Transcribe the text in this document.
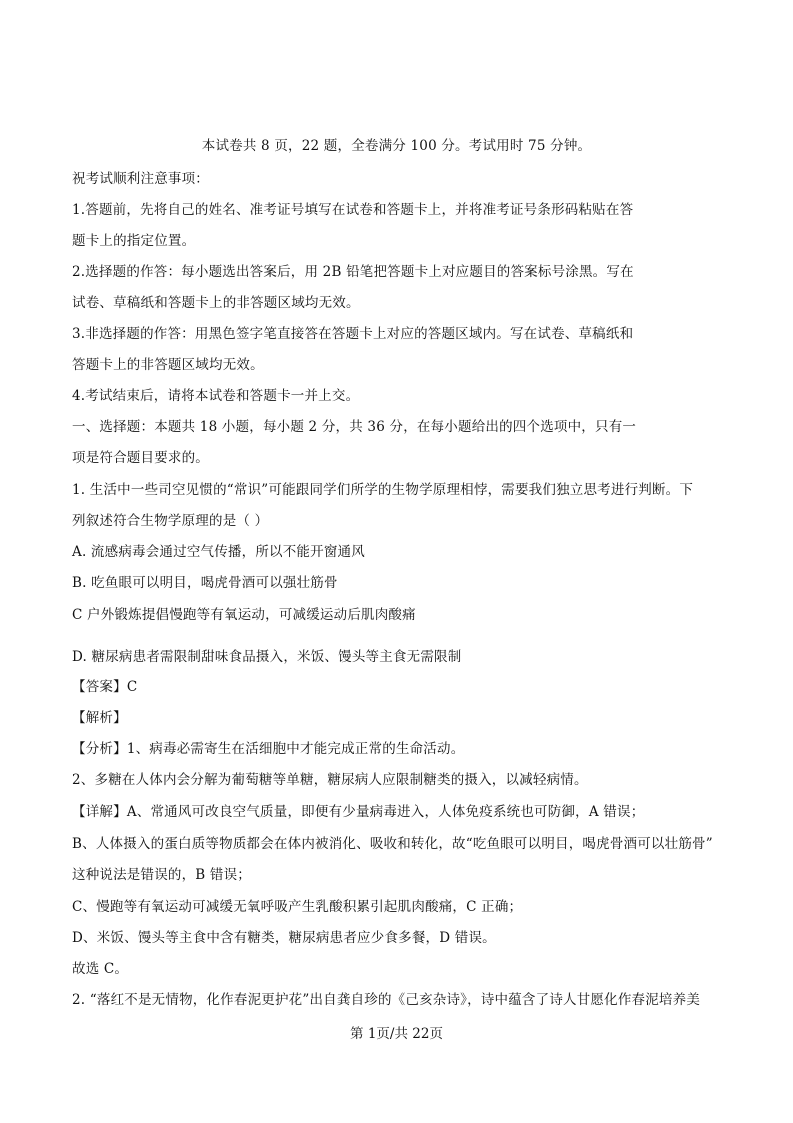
本试卷共 8 页，22 题，全卷满分 100 分。考试用时 75 分钟。
祝考试顺利注意事项：
1.答题前，先将自己的姓名、准考证号填写在试卷和答题卡上，并将准考证号条形码粘贴在答
题卡上的指定位置。
2.选择题的作答：每小题选出答案后，用 2B 铅笔把答题卡上对应题目的答案标号涂黑。写在
试卷、草稿纸和答题卡上的非答题区域均无效。
3.非选择题的作答：用黑色签字笔直接答在答题卡上对应的答题区域内。写在试卷、草稿纸和
答题卡上的非答题区域均无效。
4.考试结束后，请将本试卷和答题卡一并上交。
一、选择题：本题共 18 小题，每小题 2 分，共 36 分，在每小题给出的四个选项中，只有一
项是符合题目要求的。
1. 生活中一些司空见惯的“常识”可能跟同学们所学的生物学原理相悖，需要我们独立思考进行判断。下
列叙述符合生物学原理的是（ ）
A. 流感病毒会通过空气传播，所以不能开窗通风
B. 吃鱼眼可以明目，喝虎骨酒可以强壮筋骨
C 户外锻炼提倡慢跑等有氧运动，可减缓运动后肌肉酸痛
D. 糖尿病患者需限制甜味食品摄入，米饭、馒头等主食无需限制
【答案】C
【解析】
【分析】1、病毒必需寄生在活细胞中才能完成正常的生命活动。
2、多糖在人体内会分解为葡萄糖等单糖，糖尿病人应限制糖类的摄入，以减轻病情。
【详解】A、常通风可改良空气质量，即便有少量病毒进入，人体免疫系统也可防御，A 错误；
B、人体摄入的蛋白质等物质都会在体内被消化、吸收和转化，故“吃鱼眼可以明目，喝虎骨酒可以壮筋骨”
这种说法是错误的，B 错误；
C、慢跑等有氧运动可减缓无氧呼吸产生乳酸积累引起肌肉酸痛，C 正确；
D、米饭、馒头等主食中含有糖类，糖尿病患者应少食多餐，D 错误。
故选 C。
2. “落红不是无情物，化作春泥更护花”出自龚自珍的《己亥杂诗》，诗中蕴含了诗人甘愿化作春泥培养美
第 1页/共 22页
